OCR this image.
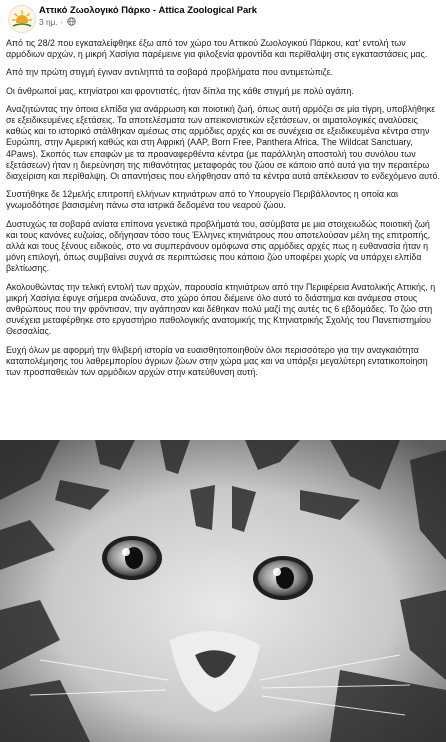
Αττικό Ζωολογικό Πάρκο - Attica Zoological Park
3 ημ. ·

Από τις 28/2 που εγκαταλείφθηκε έξω από τον χώρο του Αττικού Ζωολογικού Πάρκου, κατ' εντολή των αρμόδιων αρχών, η μικρή Χασίγια παρέμεινε για φιλοξενία φροντίδα και περίθαλψη στις εγκαταστάσεις μας.

Από την πρώτη στιγμή έγιναν αντιληπτά τα σοβαρά προβλήματα που αντιμετώπιζε.

Οι άνθρωποί μας, κτηνίατροι και φροντιστές, ήταν δίπλα της κάθε στιγμή με πολύ αγάπη.

Αναζητώντας την όποια ελπίδα για ανάρρωση και ποιοτική ζωή, όπως αυτή αρμόζει σε μία τίγρη, υποβλήθηκε σε εξειδικευμένες εξετάσεις. Τα αποτελέσματα των απεικονιστικών εξετάσεων, οι αιματολογικές αναλύσεις καθώς και το ιστορικό στάλθηκαν αμέσως στις αρμόδιες αρχές και σε συνέχεια σε εξειδικευμένα κέντρα στην Ευρώπη, στην Αμερική καθώς και στη Αφρική (AAP, Born Free, Panthera Africa, The Wildcat Sanctuary, 4Paws). Σκοπός των επαφών με τα προαναφερθέντα κέντρα (με παράλληλη αποστολή του συνόλου των εξετάσεων) ήταν η διερεύνηση της πιθανότητας μεταφοράς του ζώου σε κάποιο από αυτά για την περαιτέρω διαχείριση και περίθαλψη. Οι απαντήσεις που ελήφθησαν από τα κέντρα αυτά απέκλεισαν το ενδεχόμενο αυτό.

Συστήθηκε δε 12μελής επιτροπή ελλήνων κτηνιάτρων από το Υπουργείο Περιβάλλοντος η οποία και γνωμοδότησε βασισμένη πάνω στα ιατρικά δεδομένα του νεαρού ζώου.

Δυστυχώς τα σοβαρά ανίατα επίπονα γενετικά προβλήματά του, ασύμβατα με μια στοιχειωδώς ποιοτική ζωή και τους κανόνες ευζωίας, οδήγησαν τόσο τους Έλληνες κτηνιάτρους που αποτελούσαν μέλη της επιτροπής, αλλά και τους ξένους ειδικούς, στο να συμπεράνουν ομόφωνα στις αρμόδιες αρχές πως η ευθανασία ήταν η μόνη επιλογή, όπως συμβαίνει συχνά σε περιπτώσεις που κάποιο ζώο υποφέρει χωρίς να υπάρχει ελπίδα βελτίωσης.

Ακολουθώντας την τελική εντολή των αρχών, παρουσία κτηνιάτρων από την Περιφέρεια Ανατολικής Αττικής, η μικρή Χασίγια έφυγε σήμερα ανώδυνα, στο χώρο όπου διέμεινε όλο αυτό το διάστημα και ανάμεσα στους ανθρώπους που την φρόντισαν, την αγάπησαν και δέθηκαν πολύ μαζί της αυτές τις 6 εβδομάδες. Το ζώο στη συνέχεια μεταφέρθηκε στο εργαστήριο παθολογικής ανατομικής της Κτηνιατρικής Σχολής του Πανεπιστημίου Θεσσαλίας.

Ευχή όλων με αφορμή την θλιβερή ιστορία να ευαισθητοποιηθούν όλοι περισσότερο για την αναγκαιότητα καταπολέμησης του λαθρεμπορίου άγριων ζώων στην χώρα μας και να υπάρξει μεγαλύτερη εντατικοποίηση των προσπαθειών των αρμόδιων αρχών στην κατεύθυνση αυτή.
